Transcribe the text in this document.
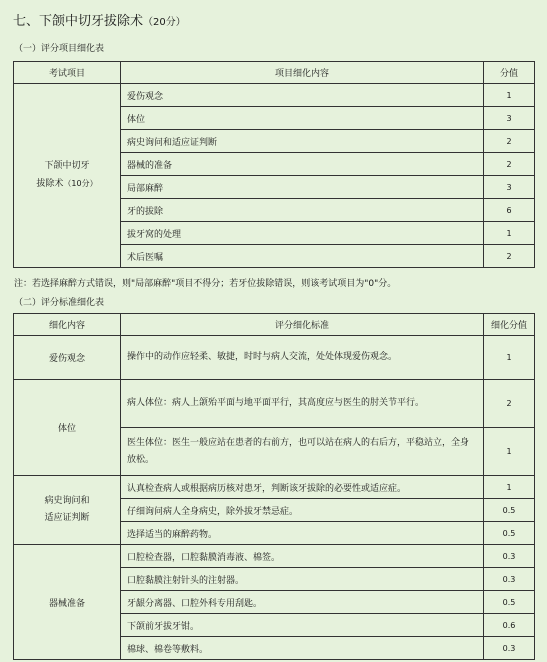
七、下颌中切牙拔除术（20分）
（一）评分项目细化表
考试项目	项目细化内容	分值

下颌中切牙
拔除术（10分）	爱伤观念	1
	体位	3
	病史询问和适应证判断	2
	器械的准备	2
	局部麻醉	3
	牙的拔除	6
	拔牙窝的处理	1
	术后医嘱	2
注：若选择麻醉方式错误，则"局部麻醉"项目不得分；若牙位拔除错误，则该考试项目为"0"分。
（二）评分标准细化表
细化内容	评分细化标准	细化分值
爱伤观念	操作中的动作应轻柔、敏捷，时时与病人交流，处处体现爱伤观念。	1
体位	病人体位：病人上颌殆平面与地平面平行，其高度应与医生的肘关节平行。	2
	医生体位：医生一般应站在患者的右前方，也可以站在病人的右后方，平稳站立，全身放松。	1

病史询问和
适应证判断	认真检查病人或根据病历核对患牙，判断该牙拔除的必要性或适应症。	1
	仔细询问病人全身病史，除外拔牙禁忌症。	0.5
	选择适当的麻醉药物。	0.5
器械准备	口腔检查器，口腔黏膜消毒液、棉签。	0.3
	口腔黏膜注射针头的注射器。	0.3
	牙龈分离器、口腔外科专用刮匙。	0.5
	下颌前牙拔牙钳。	0.6
	棉球、棉卷等敷料。	0.3
